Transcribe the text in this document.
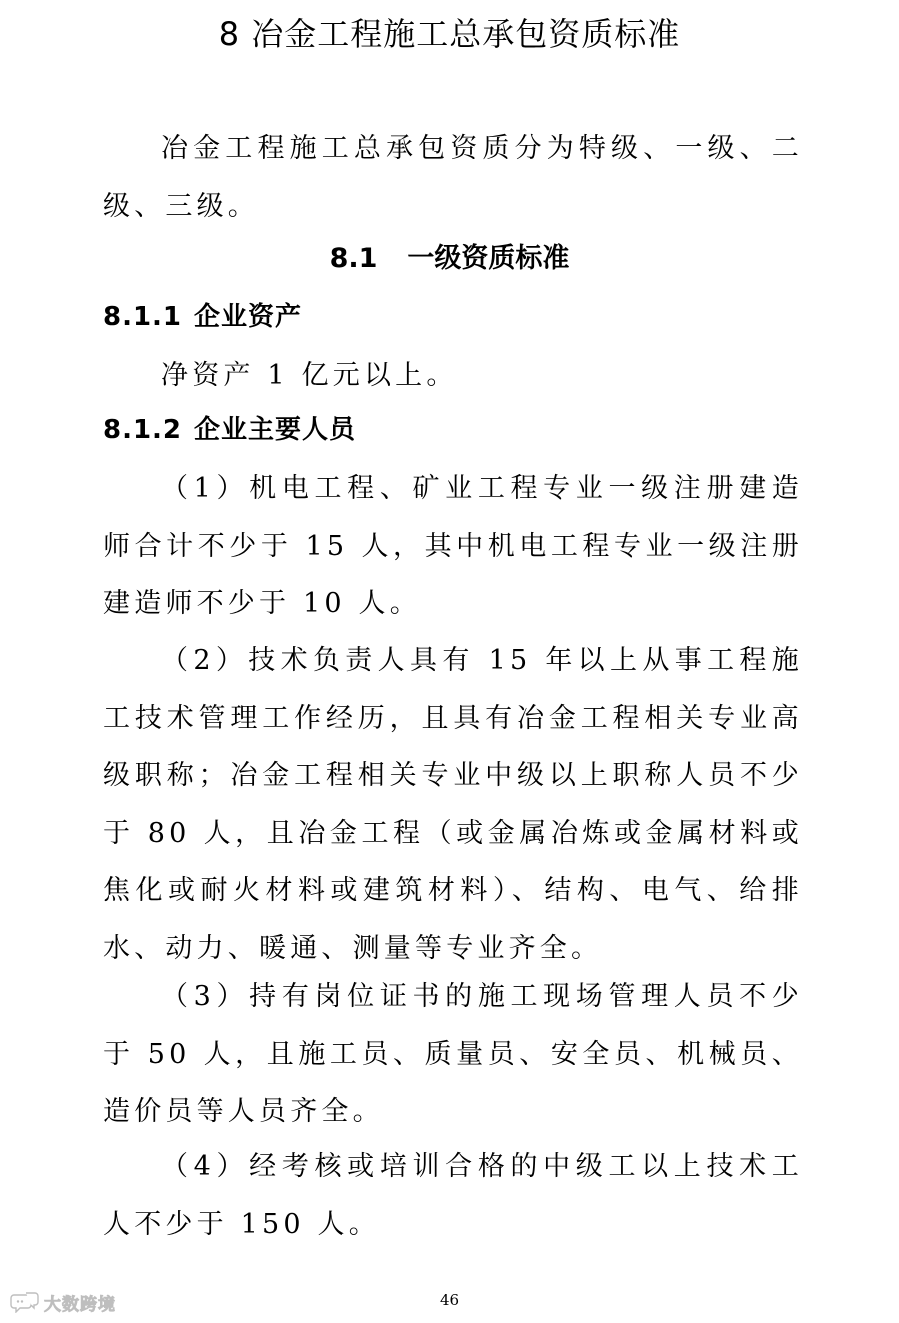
8 冶金工程施工总承包资质标准

冶金工程施工总承包资质分为特级、一级、二级、三级。

8.1 一级资质标准
8.1.1 企业资产

净资产 1 亿元以上。

8.1.2 企业主要人员

（1）机电工程、矿业工程专业一级注册建造师合计不少于 15 人，其中机电工程专业一级注册建造师不少于 10 人。

（2）技术负责人具有 15 年以上从事工程施工技术管理工作经历，且具有冶金工程相关专业高级职称；冶金工程相关专业中级以上职称人员不少于 80 人，且冶金工程（或金属冶炼或金属材料或焦化或耐火材料或建筑材料）、结构、电气、给排水、动力、暖通、测量等专业齐全。

（3）持有岗位证书的施工现场管理人员不少于 50 人，且施工员、质量员、安全员、机械员、造价员等人员齐全。

（4）经考核或培训合格的中级工以上技术工人不少于 150 人。

46
大数跨境
